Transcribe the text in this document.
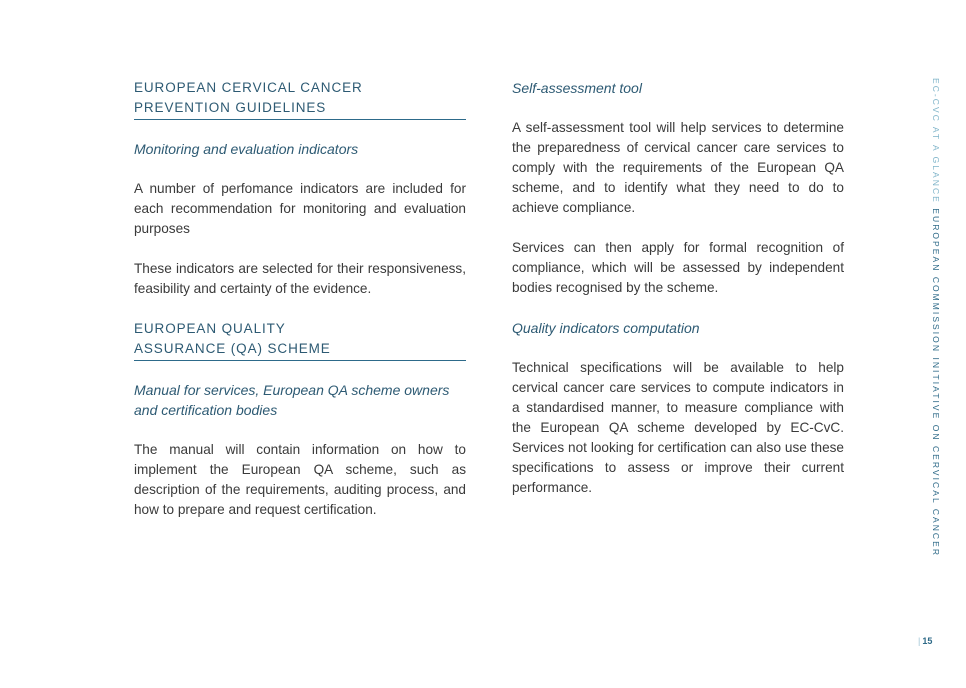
EUROPEAN CERVICAL CANCER
PREVENTION GUIDELINES

Monitoring and evaluation indicators

A number of perfomance indicators are included for each recommendation for monitoring and evaluation purposes

These indicators are selected for their responsiveness, feasibility and certainty of the evidence.

EUROPEAN QUALITY
ASSURANCE (QA) SCHEME

Manual for services, European QA scheme owners and certification bodies

The manual will contain information on how to implement the European QA scheme, such as description of the requirements, auditing process, and how to prepare and request certification.

Self-assessment tool

A self-assessment tool will help services to determine the preparedness of cervical cancer care services to comply with the requirements of the European QA scheme, and to identify what they need to do to achieve compliance.

Services can then apply for formal recognition of compliance, which will be assessed by independent bodies recognised by the scheme.

Quality indicators computation

Technical specifications will be available to help cervical cancer care services to compute indicators in a standardised manner, to measure compliance with the European QA scheme developed by EC-CvC. Services not looking for certification can also use these specifications to assess or improve their current performance.

EC-CVC AT A GLANCE EUROPEAN COMMISSION INITIATIVE ON CERVICAL CANCER
| 15
